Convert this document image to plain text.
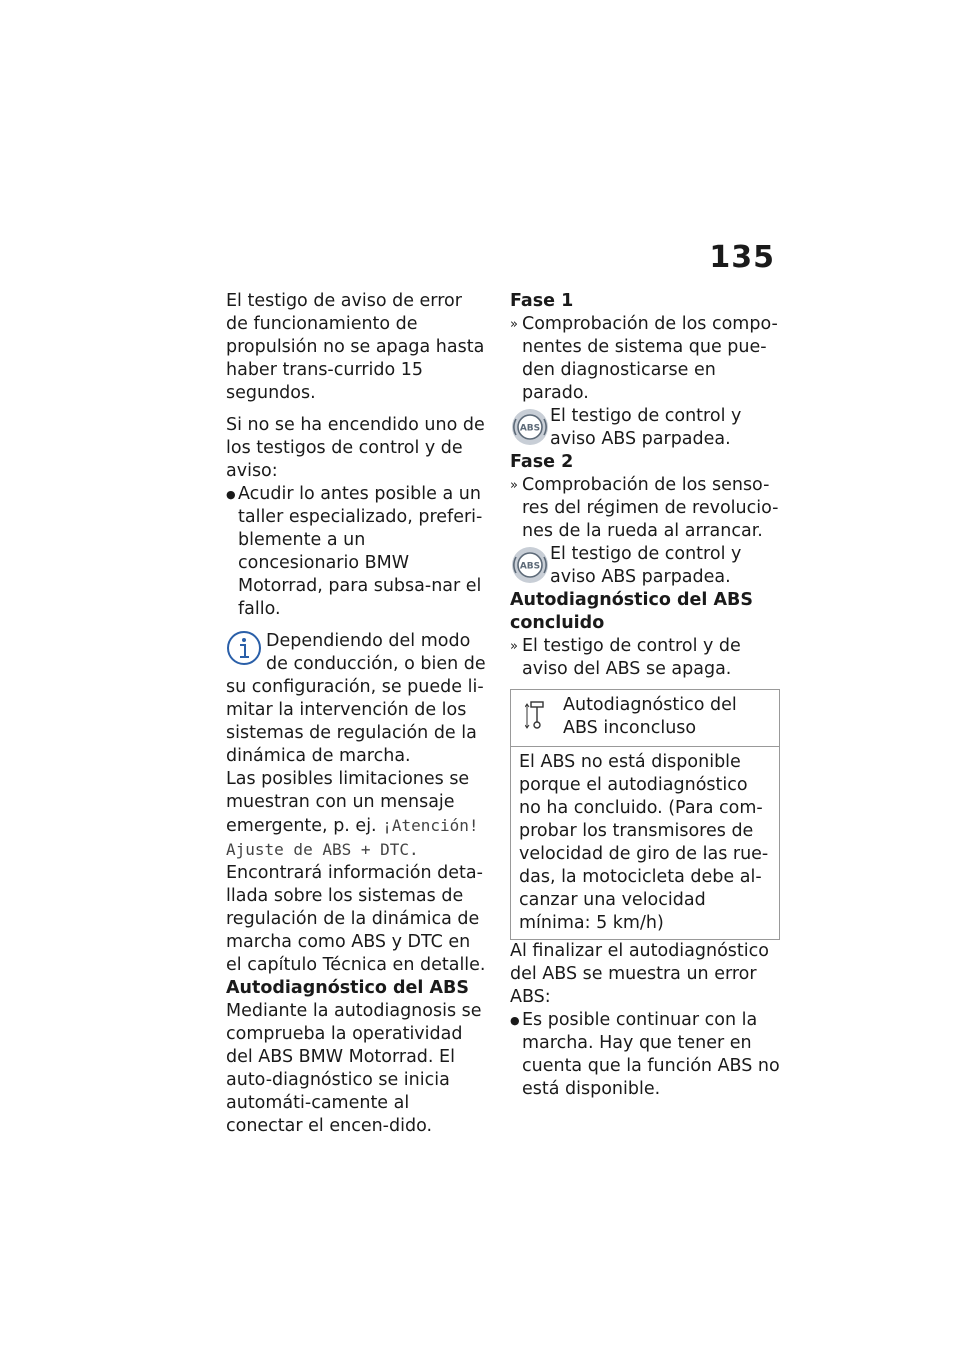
135

El testigo de aviso de error de funcionamiento de propulsión no se apaga hasta haber trans-currido 15 segundos.

Si no se ha encendido uno de los testigos de control y de aviso:

● Acudir lo antes posible a un taller especializado, preferi-blemente a un concesionario BMW Motorrad, para subsa-nar el fallo.

Dependiendo del modo de conducción, o bien de

su configuración, se puede li-mitar la intervención de los sistemas de regulación de la dinámica de marcha.

Las posibles limitaciones se muestran con un mensaje emergente, p. ej. ¡Atención! Ajuste de ABS + DTC.

Encontrará información deta-llada sobre los sistemas de regulación de la dinámica de marcha como ABS y DTC en el capítulo Técnica en detalle.

Autodiagnóstico del ABS

Mediante la autodiagnosis se comprueba la operatividad del ABS BMW Motorrad. El auto-diagnóstico se inicia automáti-camente al conectar el encen-dido.

Fase 1

» Comprobación de los compo-nentes de sistema que pue-den diagnosticarse en parado.

ABS

El testigo de control y aviso ABS parpadea.

Fase 2

» Comprobación de los senso-res del régimen de revolucio-nes de la rueda al arrancar.

ABS

El testigo de control y aviso ABS parpadea.

Autodiagnóstico del ABS concluido

» El testigo de control y de aviso del ABS se apaga.

Autodiagnóstico del ABS inconcluso

El ABS no está disponible porque el autodiagnóstico no ha concluido. (Para com-probar los transmisores de velocidad de giro de las rue-das, la motocicleta debe al-canzar una velocidad mínima: 5 km/h)

Al finalizar el autodiagnóstico del ABS se muestra un error ABS:

● Es posible continuar con la marcha. Hay que tener en cuenta que la función ABS no está disponible.
